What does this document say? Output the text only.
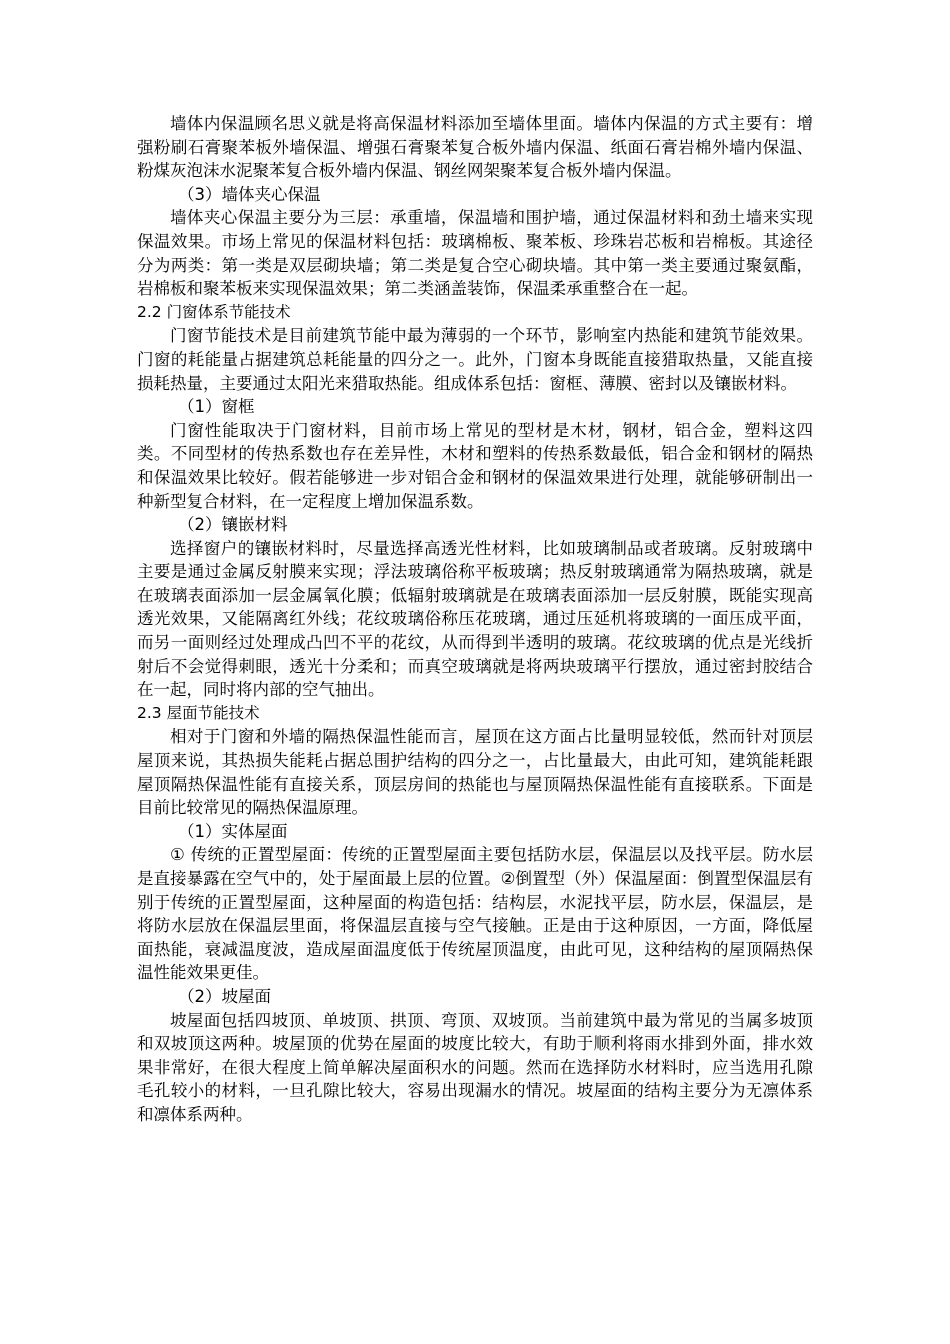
墙体内保温顾名思义就是将高保温材料添加至墙体里面。墙体内保温的方式主要有：增强粉刷石膏聚苯板外墙保温、增强石膏聚苯复合板外墙内保温、纸面石膏岩棉外墙内保温、粉煤灰泡沫水泥聚苯复合板外墙内保温、钢丝网架聚苯复合板外墙内保温。

（3）墙体夹心保温

墙体夹心保温主要分为三层：承重墙，保温墙和围护墙，通过保温材料和劲土墙来实现保温效果。市场上常见的保温材料包括：玻璃棉板、聚苯板、珍珠岩芯板和岩棉板。其途径分为两类：第一类是双层砌块墙；第二类是复合空心砌块墙。其中第一类主要通过聚氨酯，岩棉板和聚苯板来实现保温效果；第二类涵盖装饰，保温柔承重整合在一起。

2.2 门窗体系节能技术

门窗节能技术是目前建筑节能中最为薄弱的一个环节，影响室内热能和建筑节能效果。门窗的耗能量占据建筑总耗能量的四分之一。此外，门窗本身既能直接猎取热量，又能直接损耗热量，主要通过太阳光来猎取热能。组成体系包括：窗框、薄膜、密封以及镶嵌材料。

（1）窗框

门窗性能取决于门窗材料，目前市场上常见的型材是木材，钢材，铝合金，塑料这四类。不同型材的传热系数也存在差异性，木材和塑料的传热系数最低，铝合金和钢材的隔热和保温效果比较好。假若能够进一步对铝合金和钢材的保温效果进行处理，就能够研制出一种新型复合材料，在一定程度上增加保温系数。

（2）镶嵌材料

选择窗户的镶嵌材料时，尽量选择高透光性材料，比如玻璃制品或者玻璃。反射玻璃中主要是通过金属反射膜来实现；浮法玻璃俗称平板玻璃；热反射玻璃通常为隔热玻璃，就是在玻璃表面添加一层金属氧化膜；低辐射玻璃就是在玻璃表面添加一层反射膜，既能实现高透光效果，又能隔离红外线；花纹玻璃俗称压花玻璃，通过压延机将玻璃的一面压成平面，而另一面则经过处理成凸凹不平的花纹，从而得到半透明的玻璃。花纹玻璃的优点是光线折射后不会觉得刺眼，透光十分柔和；而真空玻璃就是将两块玻璃平行摆放，通过密封胶结合在一起，同时将内部的空气抽出。

2.3 屋面节能技术

相对于门窗和外墙的隔热保温性能而言，屋顶在这方面占比量明显较低，然而针对顶层屋顶来说，其热损失能耗占据总围护结构的四分之一，占比量最大，由此可知，建筑能耗跟屋顶隔热保温性能有直接关系，顶层房间的热能也与屋顶隔热保温性能有直接联系。下面是目前比较常见的隔热保温原理。

（1）实体屋面

① 传统的正置型屋面：传统的正置型屋面主要包括防水层，保温层以及找平层。防水层是直接暴露在空气中的，处于屋面最上层的位置。②倒置型（外）保温屋面：倒置型保温层有别于传统的正置型屋面，这种屋面的构造包括：结构层，水泥找平层，防水层，保温层，是将防水层放在保温层里面，将保温层直接与空气接触。正是由于这种原因，一方面，降低屋面热能，衰减温度波，造成屋面温度低于传统屋顶温度，由此可见，这种结构的屋顶隔热保温性能效果更佳。

（2）坡屋面

坡屋面包括四坡顶、单坡顶、拱顶、弯顶、双坡顶。当前建筑中最为常见的当属多坡顶和双坡顶这两种。坡屋顶的优势在屋面的坡度比较大，有助于顺利将雨水排到外面，排水效果非常好，在很大程度上简单解决屋面积水的问题。然而在选择防水材料时，应当选用孔隙毛孔较小的材料，一旦孔隙比较大，容易出现漏水的情况。坡屋面的结构主要分为无凛体系和凛体系两种。
